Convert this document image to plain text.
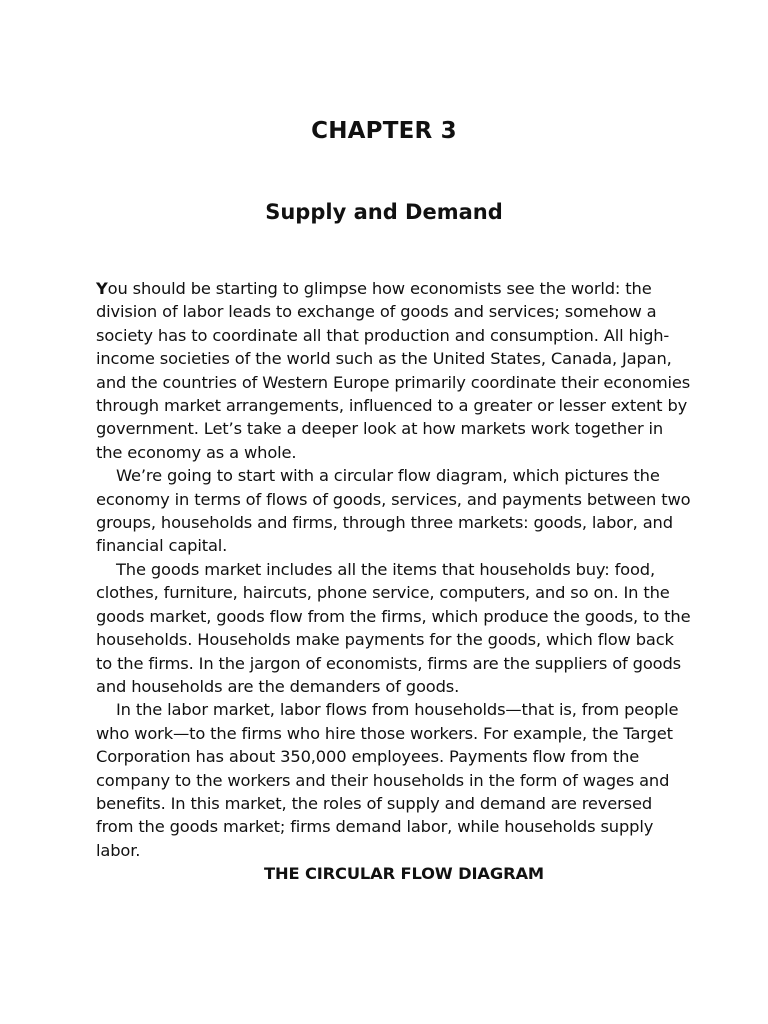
CHAPTER 3
Supply and Demand

You should be starting to glimpse how economists see the world: the division of labor leads to exchange of goods and services; somehow a society has to coordinate all that production and consumption. All high-income societies of the world such as the United States, Canada, Japan, and the countries of Western Europe primarily coordinate their economies through market arrangements, influenced to a greater or lesser extent by government. Let’s take a deeper look at how markets work together in the economy as a whole.

We’re going to start with a circular flow diagram, which pictures the economy in terms of flows of goods, services, and payments between two groups, households and firms, through three markets: goods, labor, and financial capital.

The goods market includes all the items that households buy: food, clothes, furniture, haircuts, phone service, computers, and so on. In the goods market, goods flow from the firms, which produce the goods, to the households. Households make payments for the goods, which flow back to the firms. In the jargon of economists, firms are the suppliers of goods and households are the demanders of goods.

In the labor market, labor flows from households—that is, from people who work—to the firms who hire those workers. For example, the Target Corporation has about 350,000 employees. Payments flow from the company to the workers and their households in the form of wages and benefits. In this market, the roles of supply and demand are reversed from the goods market; firms demand labor, while households supply labor.

THE CIRCULAR FLOW DIAGRAM
